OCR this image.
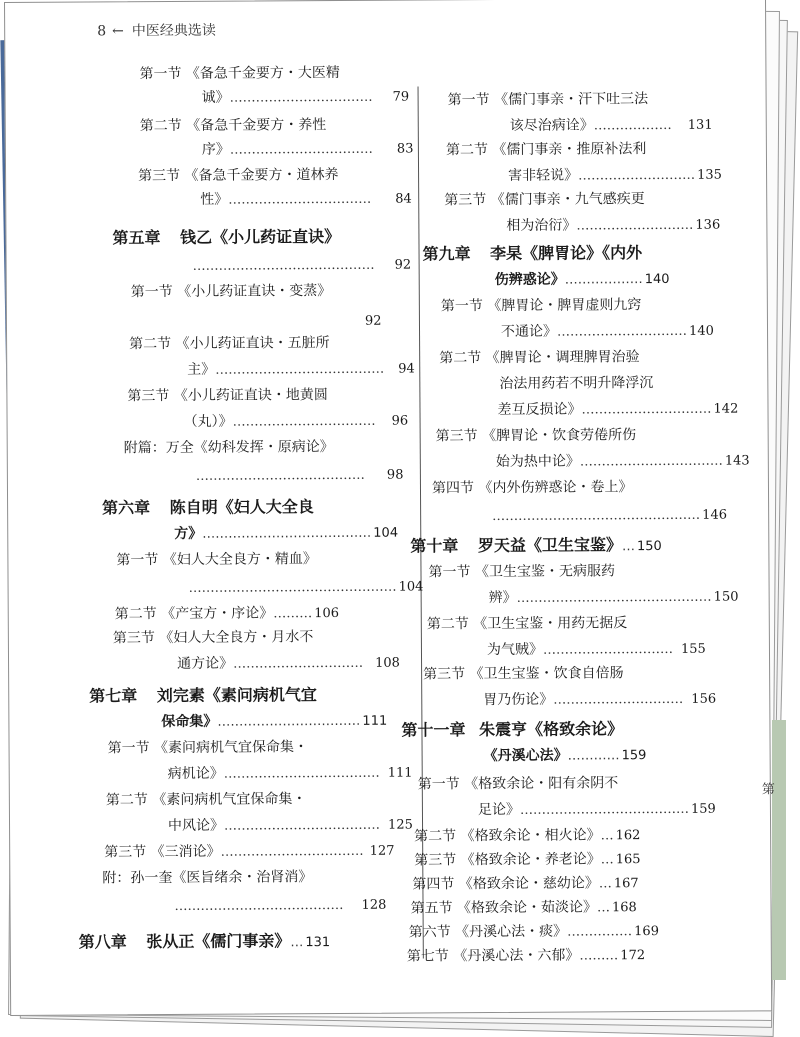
8 ← 中医经典选读
第
第一节 《备急千金要方・大医精
诚》…………………………… 79
第二节 《备急千金要方・养性
序》…………………………… 83
第三节 《备急千金要方・道林养
性》…………………………… 84
第五章 钱乙《小儿药证直诀》
…………………………………… 92
第一节 《小儿药证直诀・变蒸》
92
第二节 《小儿药证直诀・五脏所
主》………………………………… 94
第三节 《小儿药证直诀・地黄圆
（丸）》…………………………… 96
附篇：万全《幼科发挥・原病论》
………………………………… 98
第六章 陈自明《妇人大全良
方》………………………………… 104
第一节 《妇人大全良方・精血》
………………………………………… 104
第二节 《产宝方・序论》……… 106
第三节 《妇人大全良方・月水不
通方论》………………………… 108
第七章 刘完素《素问病机气宜
保命集》…………………………… 111
第一节 《素问病机气宜保命集・
病机论》……………………………… 111
第二节 《素问病机气宜保命集・
中风论》……………………………… 125
第三节 《三消论》…………………………… 127
附：孙一奎《医旨绪余・治肾消》
………………………………… 128
第八章 张从正《儒门事亲》… 131
第一节 《儒门事亲・汗下吐三法
该尽治病诠》……………… 131
第二节 《儒门事亲・推原补法利
害非轻说》……………………… 135
第三节 《儒门事亲・九气感疾更
相为治衍》……………………… 136
第九章 李杲《脾胃论》《内外
伤辨惑论》……………… 140
第一节 《脾胃论・脾胃虚则九窍
不通论》………………………… 140
第二节 《脾胃论・调理脾胃治验
治法用药若不明升降浮沉
差互反损论》………………………… 142
第三节 《脾胃论・饮食劳倦所伤
始为热中论》…………………………… 143
第四节 《内外伤辨惑论・卷上》
………………………………………… 146
第十章 罗天益《卫生宝鉴》… 150
第一节 《卫生宝鉴・无病服药
辨》……………………………………… 150
第二节 《卫生宝鉴・用药无据反
为气贼》………………………… 155
第三节 《卫生宝鉴・饮食自倍肠
胃乃伤论》………………………… 156
第十一章 朱震亨《格致余论》
《丹溪心法》………… 159
第一节 《格致余论・阳有余阴不
足论》………………………………… 159
第二节 《格致余论・相火论》… 162
第三节 《格致余论・养老论》… 165
第四节 《格致余论・慈幼论》… 167
第五节 《格致余论・茹淡论》… 168
第六节 《丹溪心法・痰》…………… 169
第七节 《丹溪心法・六郁》……… 172
